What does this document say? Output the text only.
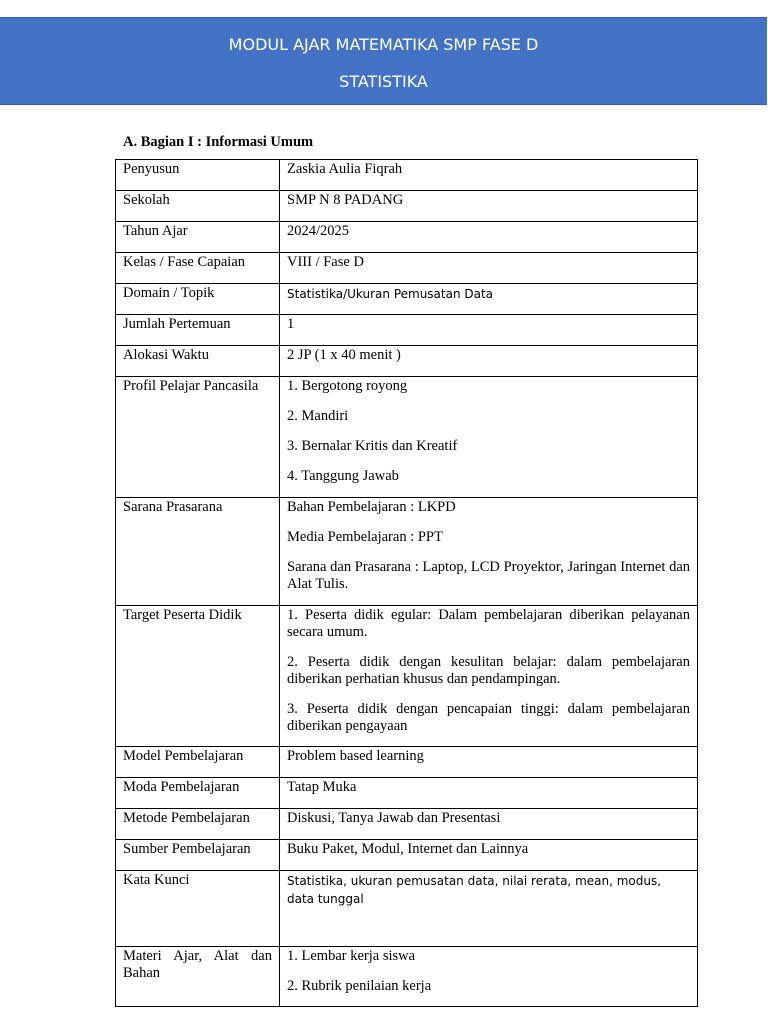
MODUL AJAR MATEMATIKA SMP FASE D
STATISTIKA
A. Bagian I : Informasi Umum
Penyusun	Zaskia Aulia Fiqrah

Sekolah	SMP N 8 PADANG

Tahun Ajar	2024/2025

Kelas / Fase Capaian	VIII / Fase D

Domain / Topik	Statistika/Ukuran Pemusatan Data

Jumlah Pertemuan	1

Alokasi Waktu	2 JP (1 x 40 menit )

Profil Pelajar Pancasila	1. Bergotong royong

2. Mandiri

3. Bernalar Kritis dan Kreatif

4. Tanggung Jawab

Sarana Prasarana	Bahan Pembelajaran : LKPD

Media Pembelajaran : PPT

Sarana dan Prasarana : Laptop, LCD Proyektor, Jaringan Internet dan Alat Tulis.

Target Peserta Didik	1. Peserta didik egular: Dalam pembelajaran diberikan pelayanan secara umum.

2. Peserta didik dengan kesulitan belajar: dalam pembelajaran diberikan perhatian khusus dan pendampingan.

3. Peserta didik dengan pencapaian tinggi: dalam pembelajaran diberikan pengayaan

Model Pembelajaran	Problem based learning

Moda Pembelajaran	Tatap Muka

Metode Pembelajaran	Diskusi, Tanya Jawab dan Presentasi

Sumber Pembelajaran	Buku Paket, Modul, Internet dan Lainnya

Kata Kunci	Statistika, ukuran pemusatan data, nilai rerata, mean, modus, data tunggal

Materi Ajar, Alat dan Bahan	1. Lembar kerja siswa

2. Rubrik penilaian kerja
